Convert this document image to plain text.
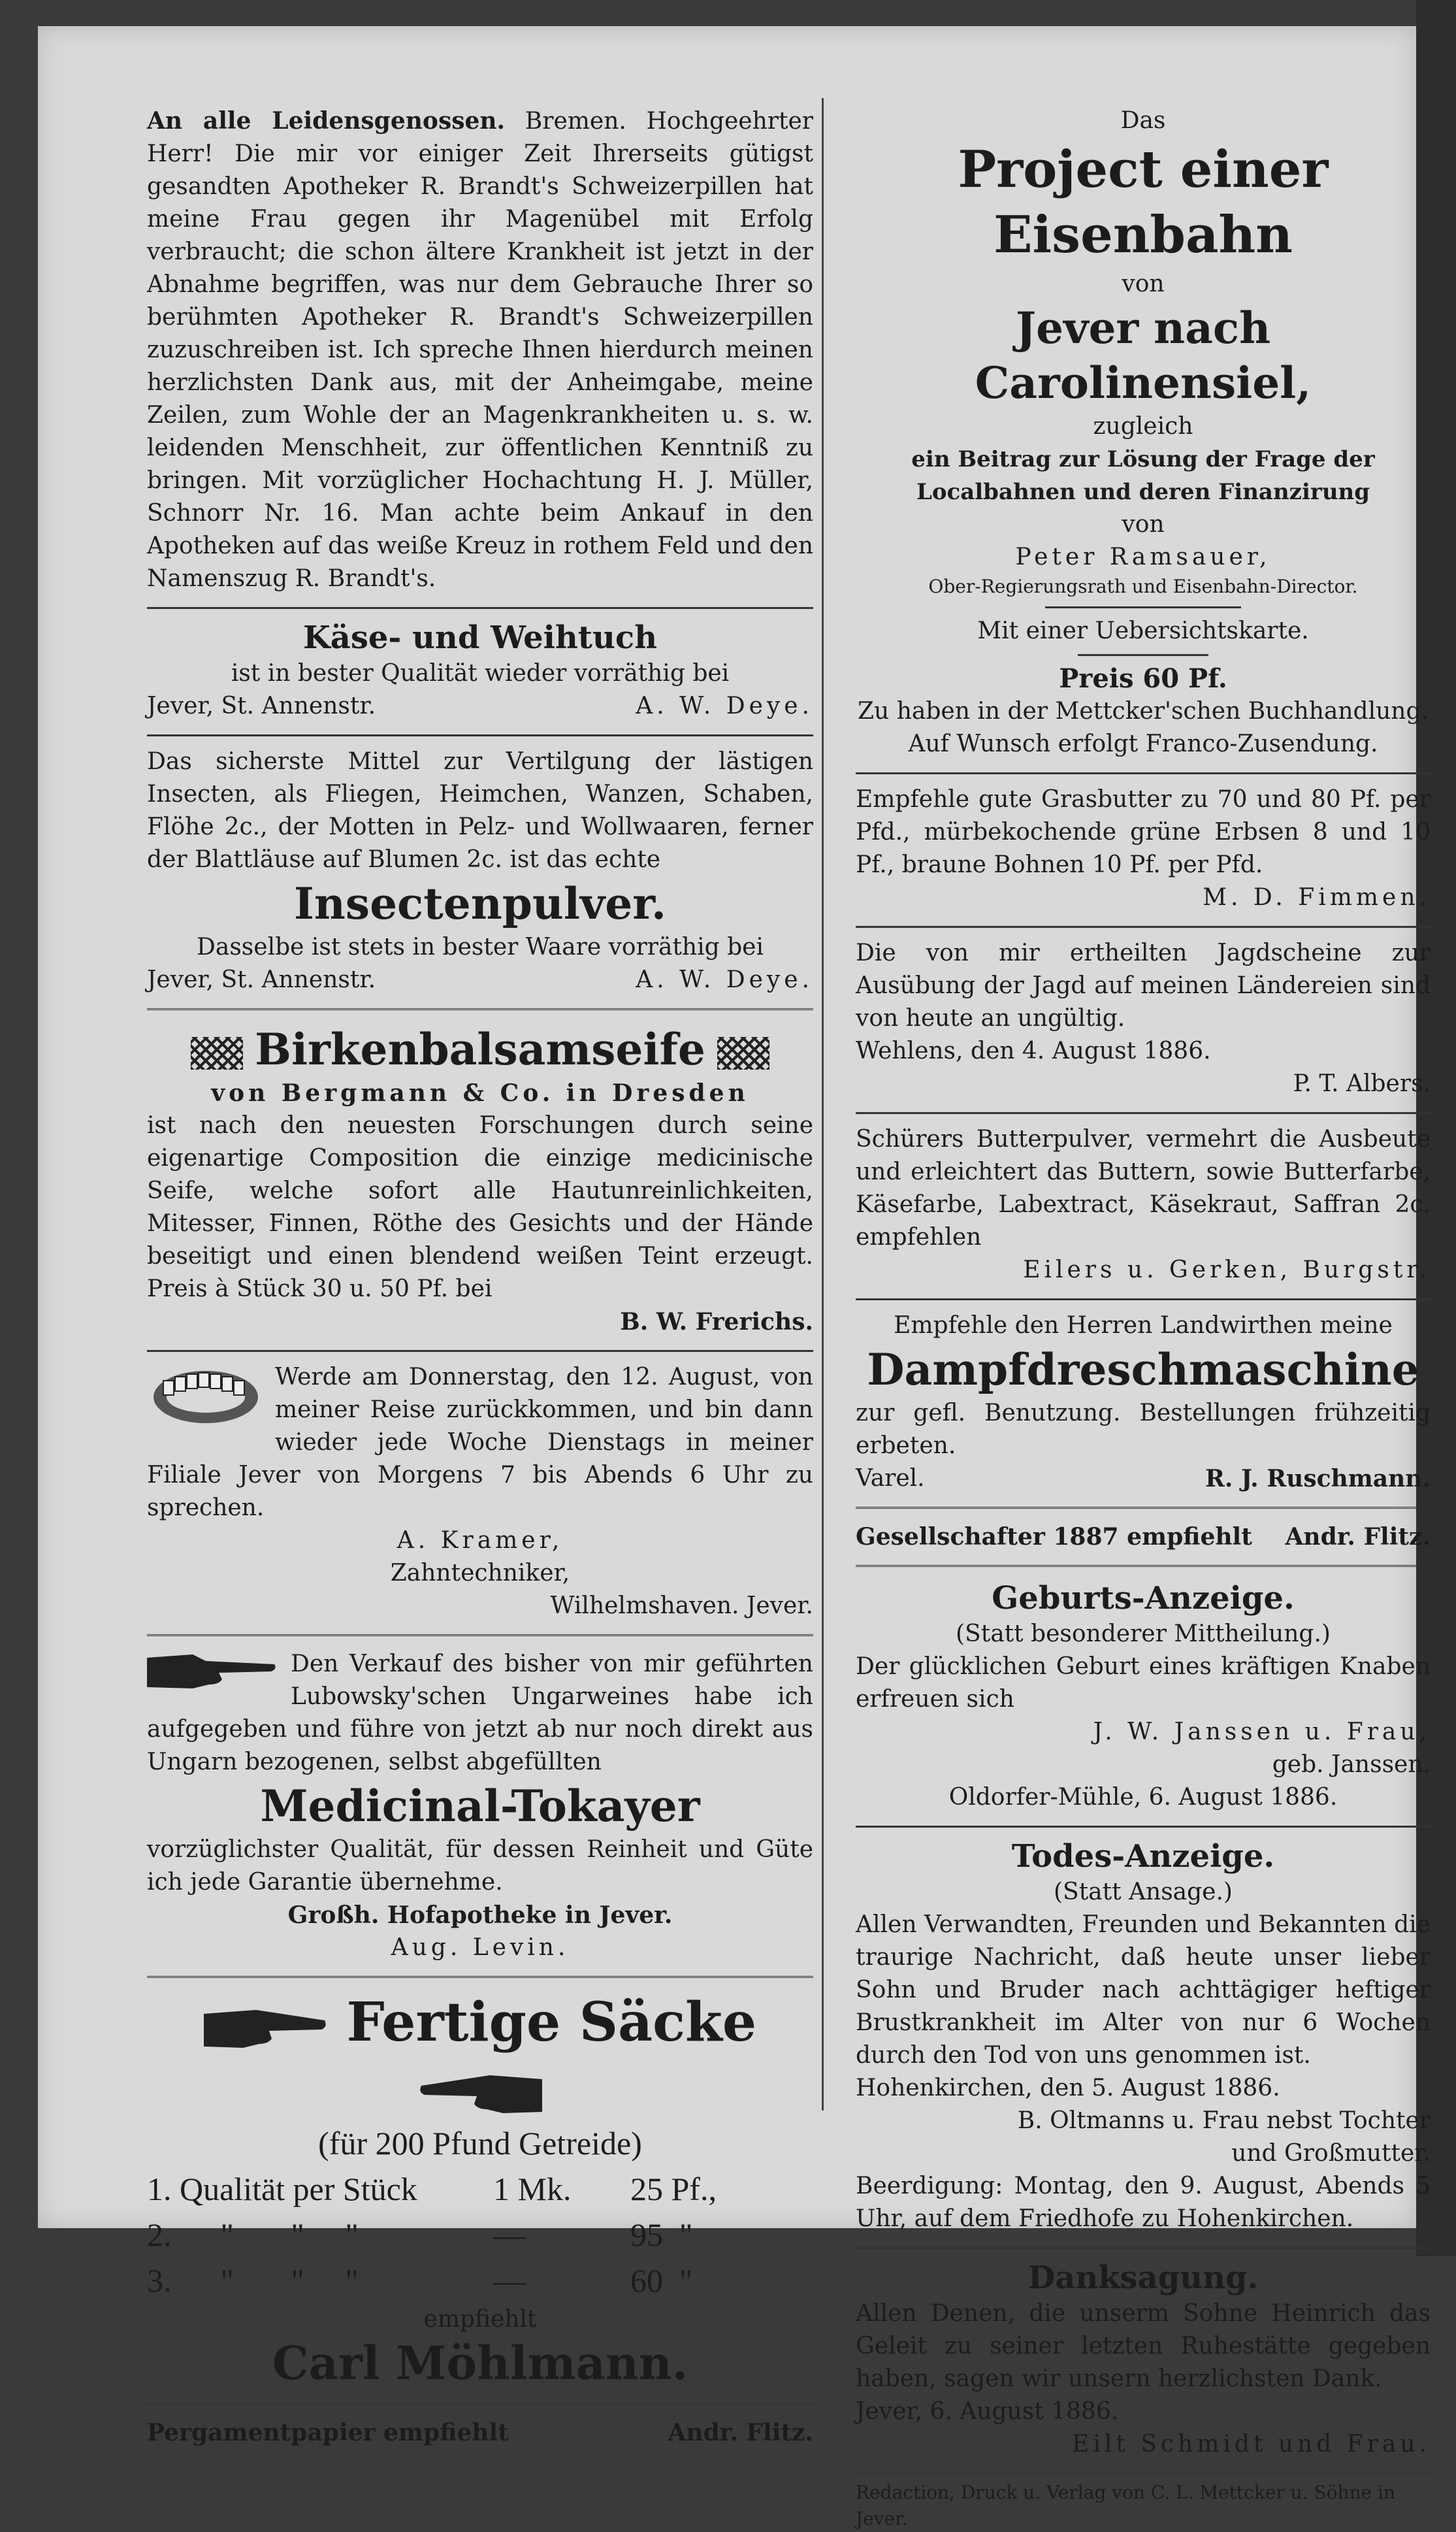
An alle Leidensgenossen. Bremen. Hochgeehrter Herr! Die mir vor einiger Zeit Ihrerseits gütigst gesandten Apotheker R. Brandt's Schweizerpillen hat meine Frau gegen ihr Magenübel mit Erfolg verbraucht; die schon ältere Krankheit ist jetzt in der Abnahme begriffen, was nur dem Gebrauche Ihrer so berühmten Apotheker R. Brandt's Schweizerpillen zuzuschreiben ist. Ich spreche Ihnen hierdurch meinen herzlichsten Dank aus, mit der Anheimgabe, meine Zeilen, zum Wohle der an Magenkrankheiten u. s. w. leidenden Menschheit, zur öffentlichen Kenntniß zu bringen. Mit vorzüglicher Hochachtung H. J. Müller, Schnorr Nr. 16. Man achte beim Ankauf in den Apotheken auf das weiße Kreuz in rothem Feld und den Namenszug R. Brandt's.

Käse- und Weihtuch

ist in bester Qualität wieder vorräthig bei

Jever, St. Annenstr.	A. W. Deye.

Das sicherste Mittel zur Vertilgung der lästigen Insecten, als Fliegen, Heimchen, Wanzen, Schaben, Flöhe 2c., der Motten in Pelz- und Wollwaaren, ferner der Blattläuse auf Blumen 2c. ist das echte

Insectenpulver.

Dasselbe ist stets in bester Waare vorräthig bei

Jever, St. Annenstr.	A. W. Deye.
Birkenbalsamseife

von Bergmann & Co. in Dresden

ist nach den neuesten Forschungen durch seine eigenartige Composition die einzige medicinische Seife, welche sofort alle Hautunreinlichkeiten, Mitesser, Finnen, Röthe des Gesichts und der Hände beseitigt und einen blendend weißen Teint erzeugt. Preis à Stück 30 u. 50 Pf. bei

B. W. Frerichs.

Werde am Donnerstag, den 12. August, von meiner Reise zurückkommen, und bin dann wieder jede Woche Dienstags in meiner Filiale Jever von Morgens 7 bis Abends 6 Uhr zu sprechen.

A. Kramer,

Zahntechniker,

Wilhelmshaven. Jever.

Den Verkauf des bisher von mir geführten Lubowsky'schen Ungarweines habe ich aufgegeben und führe von jetzt ab nur noch direkt aus Ungarn bezogenen, selbst abgefüllten

Medicinal-Tokayer

vorzüglichster Qualität, für dessen Reinheit und Güte ich jede Garantie übernehme.

Großh. Hofapotheke in Jever.

Aug. Levin.

Fertige Säcke
(für 200 Pfund Getreide)
1. Qualität per Stück	1 Mk.	25 Pf.,
2.      "       "     "	—	95  "
3.      "       "     "	—	60  "

empfiehlt

Carl Möhlmann.
Pergamentpapier empfiehlt	Andr. Flitz.

Das

Project einer Eisenbahn

von

Jever nach Carolinensiel,

zugleich

ein Beitrag zur Lösung der Frage der

Localbahnen und deren Finanzirung

von

Peter Ramsauer,

Ober-Regierungsrath und Eisenbahn-Director.

Mit einer Uebersichtskarte.

Preis 60 Pf.

Zu haben in der Mettcker'schen Buchhandlung.

Auf Wunsch erfolgt Franco-Zusendung.

Empfehle gute Grasbutter zu 70 und 80 Pf. per Pfd., mürbekochende grüne Erbsen 8 und 10 Pf., braune Bohnen 10 Pf. per Pfd.

M. D. Fimmen.

Die von mir ertheilten Jagdscheine zur Ausübung der Jagd auf meinen Ländereien sind von heute an ungültig.

Wehlens, den 4. August 1886.

P. T. Albers.

Schürers Butterpulver, vermehrt die Ausbeute und erleichtert das Buttern, sowie Butterfarbe, Käsefarbe, Labextract, Käsekraut, Saffran 2c. empfehlen

Eilers u. Gerken, Burgstr.

Empfehle den Herren Landwirthen meine

Dampfdreschmaschine

zur gefl. Benutzung. Bestellungen frühzeitig erbeten.

Varel.	R. J. Ruschmann.
Gesellschafter 1887 empfiehlt Andr. Flitz.
Geburts-Anzeige.

(Statt besonderer Mittheilung.)

Der glücklichen Geburt eines kräftigen Knaben erfreuen sich

J. W. Janssen u. Frau,

geb. Janssen.

Oldorfer-Mühle, 6. August 1886.

Todes-Anzeige.

(Statt Ansage.)

Allen Verwandten, Freunden und Bekannten die traurige Nachricht, daß heute unser lieber Sohn und Bruder nach achttägiger heftiger Brustkrankheit im Alter von nur 6 Wochen durch den Tod von uns genommen ist.

Hohenkirchen, den 5. August 1886.

B. Oltmanns u. Frau nebst Tochter

und Großmutter.

Beerdigung: Montag, den 9. August, Abends 5 Uhr, auf dem Friedhofe zu Hohenkirchen.

Danksagung.

Allen Denen, die unserm Sohne Heinrich das Geleit zu seiner letzten Ruhestätte gegeben haben, sagen wir unsern herzlichsten Dank.

Jever, 6. August 1886.

Eilt Schmidt und Frau.

Redaction, Druck u. Verlag von C. L. Mettcker u. Söhne in Jever.
